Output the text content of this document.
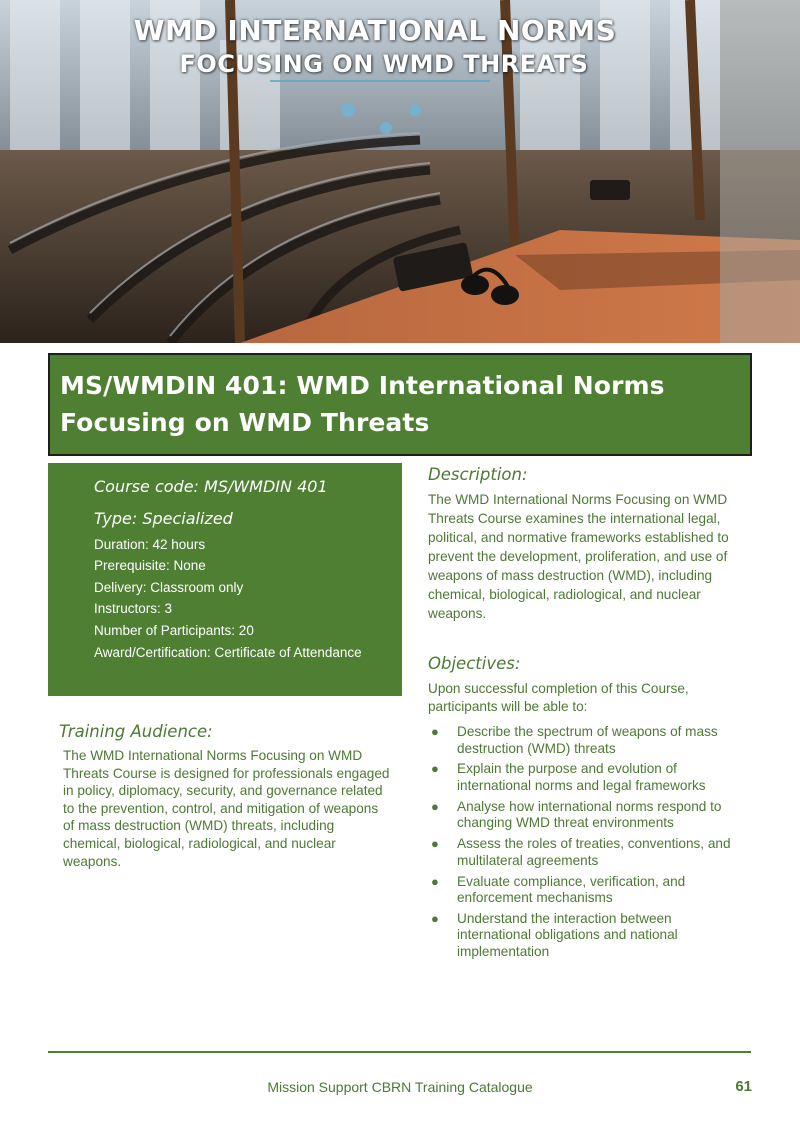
WMD INTERNATIONAL NORMS
FOCUSING ON WMD THREATS
MS/WMDIN 401: WMD International Norms Focusing on WMD Threats
Course code: MS/WMDIN 401
Type: Specialized
Duration: 42 hours
Prerequisite: None
Delivery: Classroom only
Instructors: 3
Number of Participants: 20
Award/Certification: Certificate of Attendance
Description:

The WMD International Norms Focusing on WMD Threats Course examines the international legal, political, and normative frameworks established to prevent the development, proliferation, and use of weapons of mass destruction (WMD), including chemical, biological, radiological, and nuclear weapons.

Objectives:

Upon successful completion of this Course, participants will be able to:

● Describe the spectrum of weapons of mass destruction (WMD) threats
● Explain the purpose and evolution of international norms and legal frameworks
● Analyse how international norms respond to changing WMD threat environments
● Assess the roles of treaties, conventions, and multilateral agreements
● Evaluate compliance, verification, and enforcement mechanisms
● Understand the interaction between international obligations and national implementation
Training Audience:

The WMD International Norms Focusing on WMD Threats Course is designed for professionals engaged in policy, diplomacy, security, and governance related to the prevention, control, and mitigation of weapons of mass destruction (WMD) threats, including chemical, biological, radiological, and nuclear weapons.

Mission Support CBRN Training Catalogue	61
